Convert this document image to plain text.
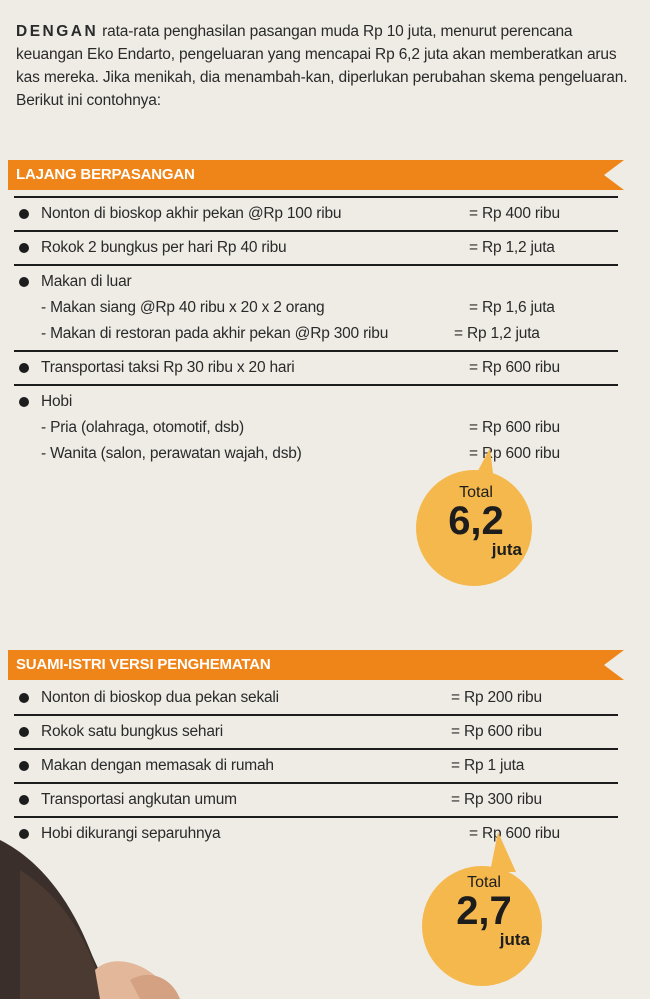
DENGAN rata-rata penghasilan pasangan muda Rp 10 juta, menurut perencana keuangan Eko Endarto, pengeluaran yang mencapai Rp 6,2 juta akan memberatkan arus kas mereka. Jika menikah, dia menambah-kan, diperlukan perubahan skema pengeluaran. Berikut ini contohnya:
LAJANG BERPASANGAN
Nonton di bioskop akhir pekan @Rp 100 ribu	= Rp 400 ribu
Rokok 2 bungkus per hari Rp 40 ribu	= Rp 1,2 juta
Makan di luar
- Makan siang @Rp 40 ribu x 20 x 2 orang	= Rp 1,6 juta
- Makan di restoran pada akhir pekan @Rp 300 ribu	= Rp 1,2 juta
Transportasi taksi Rp 30 ribu x 20 hari	= Rp 600 ribu
Hobi
- Pria (olahraga, otomotif, dsb)	= Rp 600 ribu
- Wanita (salon, perawatan wajah, dsb)	= Rp 600 ribu
Total
6,2
juta
SUAMI-ISTRI VERSI PENGHEMATAN
Nonton di bioskop dua pekan sekali	= Rp 200 ribu
Rokok satu bungkus sehari	= Rp 600 ribu
Makan dengan memasak di rumah	= Rp 1 juta
Transportasi angkutan umum	= Rp 300 ribu
Hobi dikurangi separuhnya	= Rp 600 ribu
Total
2,7
juta
